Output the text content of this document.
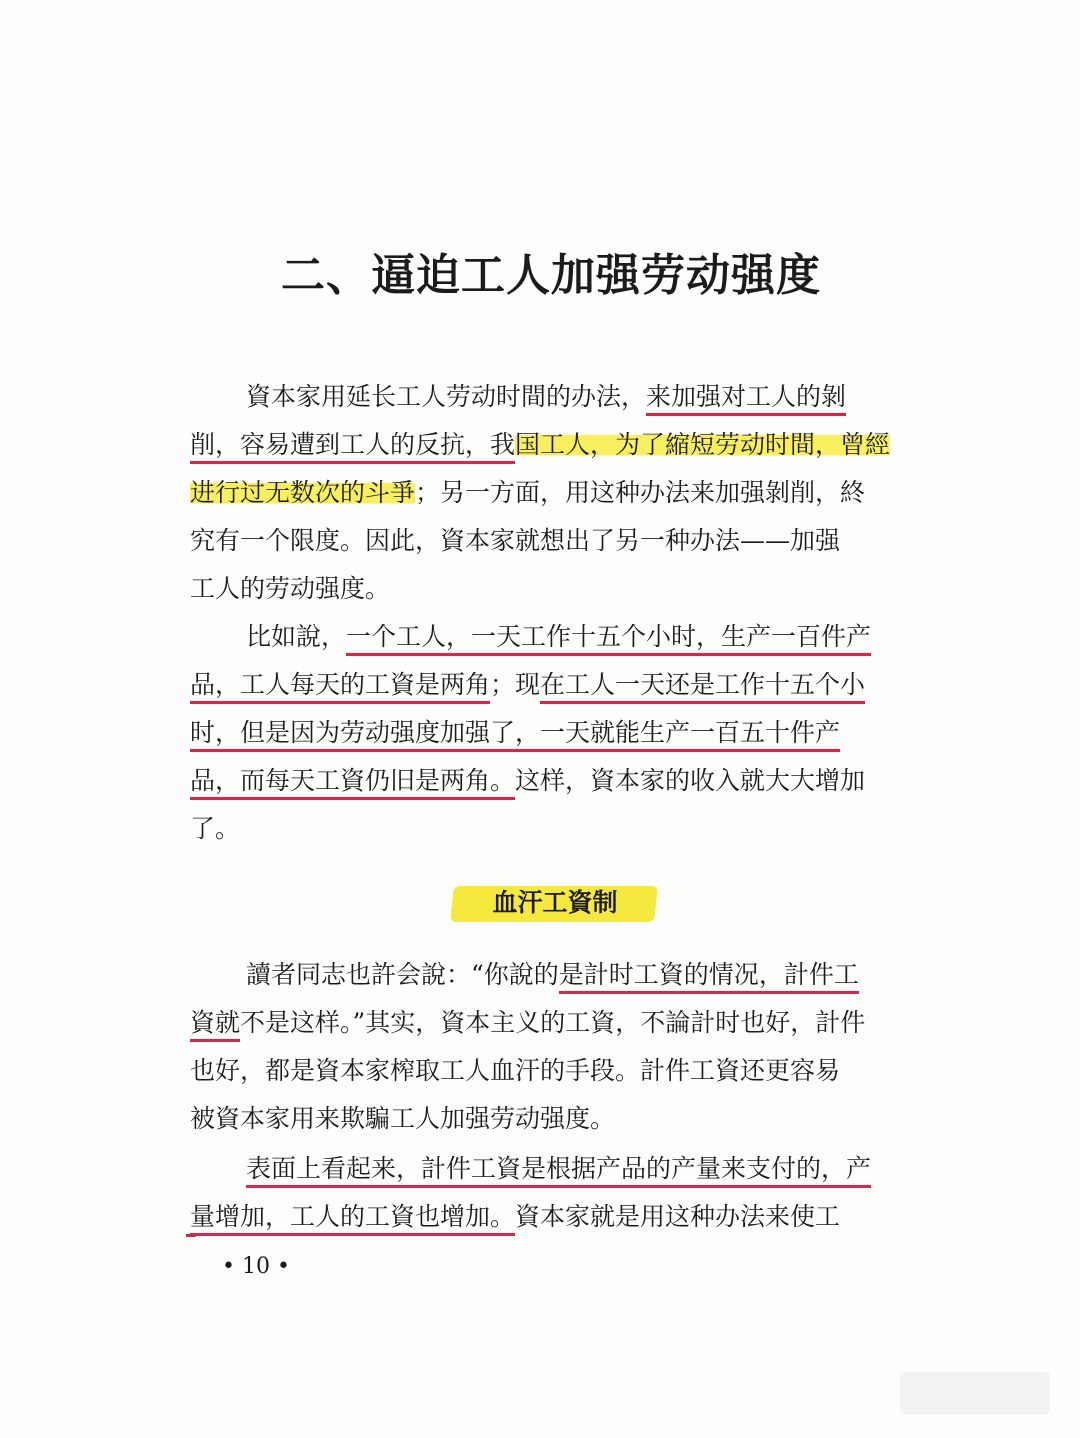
二、逼迫工人加强劳动强度
資本家用延长工人劳动时間的办法，来加强对工人的剝
削，容易遭到工人的反抗，我国工人，为了縮短劳动时間，曾經
进行过无数次的斗爭；另一方面，用这种办法来加强剝削，終
究有一个限度。因此，資本家就想出了另一种办法——加强
工人的劳动强度。
比如說，一个工人，一天工作十五个小时，生产一百件产
品，工人每天的工資是两角；现在工人一天还是工作十五个小
时，但是因为劳动强度加强了，一天就能生产一百五十件产
品，而每天工資仍旧是两角。这样，資本家的收入就大大增加
了。
血汗工資制
讀者同志也許会說：“你說的是計时工資的情况，計件工
資就不是这样。”其实，資本主义的工資，不論計时也好，計件
也好，都是資本家榨取工人血汗的手段。計件工資还更容易
被資本家用来欺騙工人加强劳动强度。
表面上看起来，計件工資是根据产品的产量来支付的，产
量增加，工人的工資也增加。資本家就是用这种办法来使工
• 10 •
